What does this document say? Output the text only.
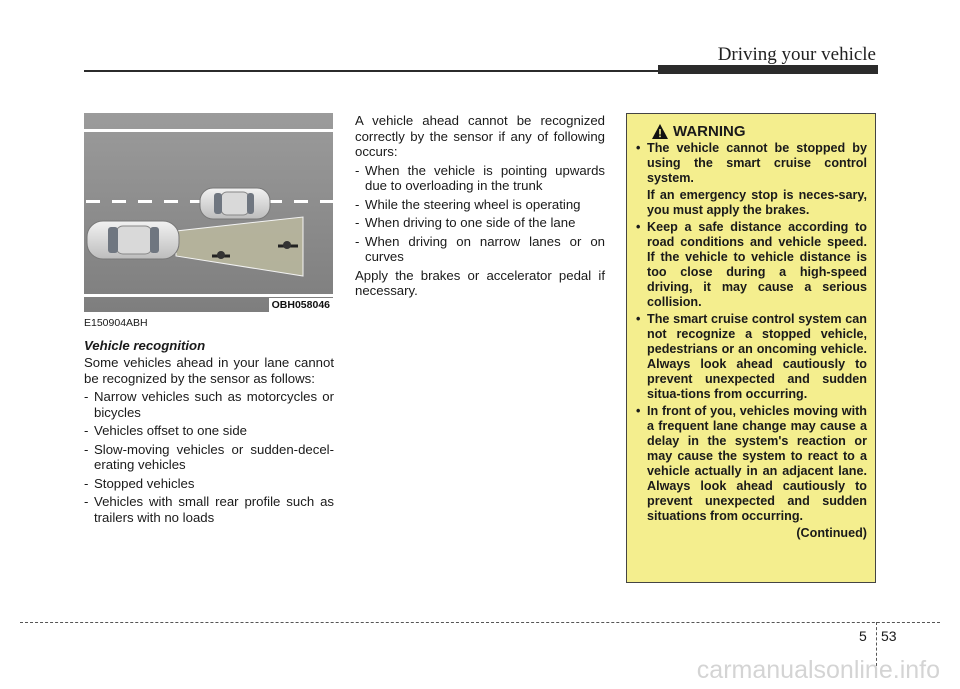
Driving your vehicle
OBH058046

E150904ABH

Vehicle recognition

Some vehicles ahead in your lane cannot be recognized by the sensor as follows:

- Narrow vehicles such as motorcycles or bicycles
- Vehicles offset to one side
- Slow-moving vehicles or sudden-decel-erating vehicles
- Stopped vehicles
- Vehicles with small rear profile such as trailers with no loads

A vehicle ahead cannot be recognized correctly by the sensor if any of following occurs:

- When the vehicle is pointing upwards due to overloading in the trunk
- While the steering wheel is operating
- When driving to one side of the lane
- When driving on narrow lanes or on curves

Apply the brakes or accelerator pedal if necessary.

WARNING
• The vehicle cannot be stopped by using the smart cruise control system.

If an emergency stop is neces-sary, you must apply the brakes.

• Keep a safe distance according to road conditions and vehicle speed. If the vehicle to vehicle distance is too close during a high-speed driving, it may cause a serious collision.
• The smart cruise control system can not recognize a stopped vehicle, pedestrians or an oncoming vehicle. Always look ahead cautiously to prevent unexpected and sudden situa-tions from occurring.
• In front of you, vehicles moving with a frequent lane change may cause a delay in the system's reaction or may cause the system to react to a vehicle actually in an adjacent lane. Always look ahead cautiously to prevent unexpected and sudden situations from occurring.
(Continued)
5 53
carmanualsonline.info
